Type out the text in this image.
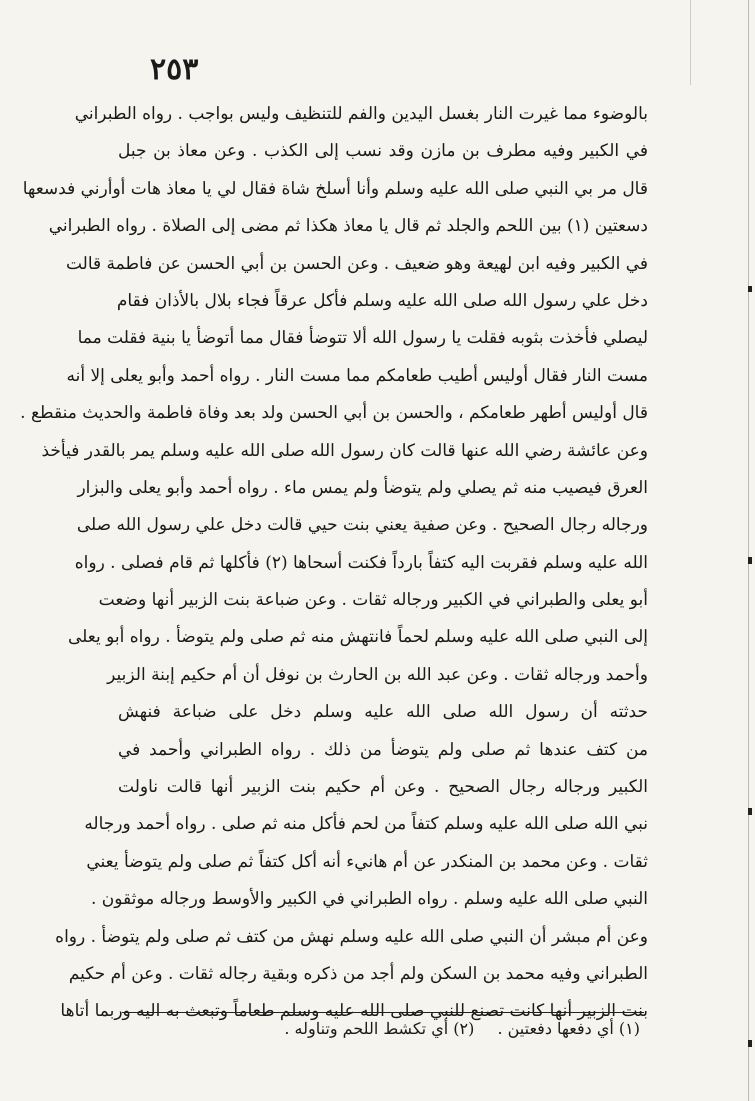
٢٥٣
بالوضوء مما غيرت النار بغسل اليدين والفم للتنظيف وليس بواجب . رواه الطبراني
في الكبير وفيه مطرف بن مازن وقد نسب إلى الكذب . وعن معاذ بن جبل
قال مر بي النبي صلى الله عليه وسلم وأنا أسلخ شاة فقال لي يا معاذ هات أوأرني فدسعها
دسعتين (١) بين اللحم والجلد ثم قال يا معاذ هكذا ثم مضى إلى الصلاة . رواه الطبراني
في الكبير وفيه ابن لهيعة وهو ضعيف . وعن الحسن بن أبي الحسن عن فاطمة قالت
دخل علي رسول الله صلى الله عليه وسلم فأكل عرقاً فجاء بلال بالأذان فقام
ليصلي فأخذت بثوبه فقلت يا رسول الله ألا تتوضأ فقال مما أتوضأ يا بنية فقلت مما
مست النار فقال أوليس أطيب طعامكم مما مست النار . رواه أحمد وأبو يعلى إلا أنه
قال أوليس أطهر طعامكم ، والحسن بن أبي الحسن ولد بعد وفاة فاطمة والحديث منقطع .
وعن عائشة رضي الله عنها قالت كان رسول الله صلى الله عليه وسلم يمر بالقدر فيأخذ
العرق فيصيب منه ثم يصلي ولم يتوضأ ولم يمس ماء . رواه أحمد وأبو يعلى والبزار
ورجاله رجال الصحيح . وعن صفية يعني بنت حيي قالت دخل علي رسول الله صلى
الله عليه وسلم فقربت اليه كتفاً بارداً فكنت أسحاها (٢) فأكلها ثم قام فصلى . رواه
أبو يعلى والطبراني في الكبير ورجاله ثقات . وعن ضباعة بنت الزبير أنها وضعت
إلى النبي صلى الله عليه وسلم لحماً فانتهش منه ثم صلى ولم يتوضأ . رواه أبو يعلى
وأحمد ورجاله ثقات . وعن عبد الله بن الحارث بن نوفل أن أم حكيم إبنة الزبير
حدثته أن رسول الله صلى الله عليه وسلم دخل على ضباعة فنهش
من كتف عندها ثم صلى ولم يتوضأ من ذلك . رواه الطبراني وأحمد في
الكبير ورجاله رجال الصحيح . وعن أم حكيم بنت الزبير أنها قالت ناولت
نبي الله صلى الله عليه وسلم كتفاً من لحم فأكل منه ثم صلى . رواه أحمد ورجاله
ثقات . وعن محمد بن المنكدر عن أم هانيء أنه أكل كتفاً ثم صلى ولم يتوضأ يعني
النبي صلى الله عليه وسلم . رواه الطبراني في الكبير والأوسط ورجاله موثقون .
وعن أم مبشر أن النبي صلى الله عليه وسلم نهش من كتف ثم صلى ولم يتوضأ . رواه
الطبراني وفيه محمد بن السكن ولم أجد من ذكره وبقية رجاله ثقات . وعن أم حكيم
بنت الزبير أنها كانت تصنع للنبي صلى الله عليه وسلم طعاماً وتبعث به اليه وربما أتاها
(١) أي دفعها دفعتين . (٢) أي تكشط اللحم وتناوله .
